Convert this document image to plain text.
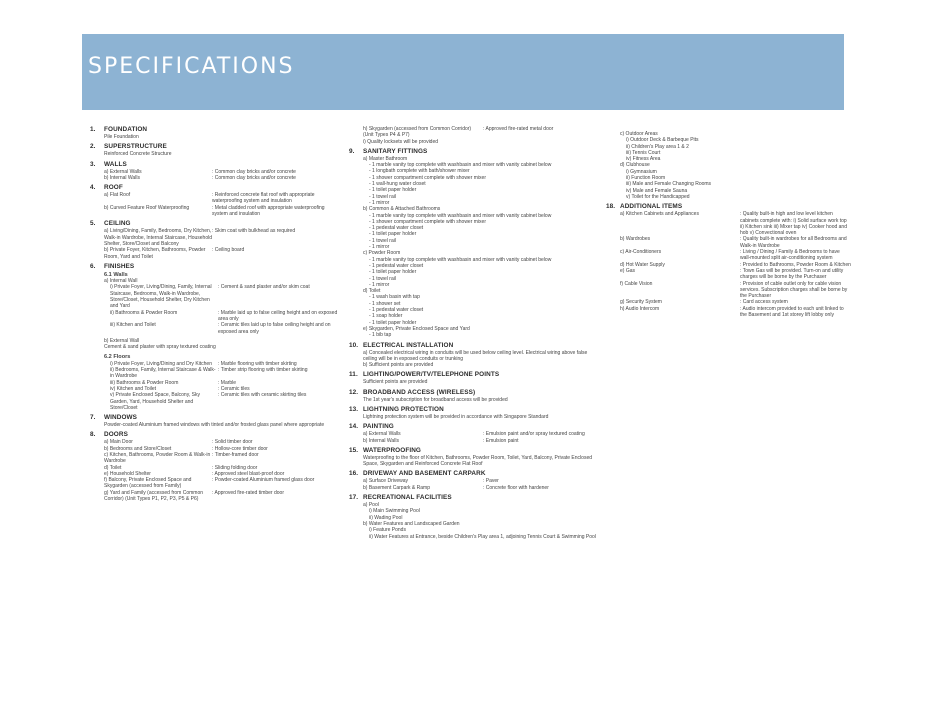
SPECIFICATIONS
1. FOUNDATION
Pile Foundation
2. SUPERSTRUCTURE
Reinforced Concrete Structure
3. WALLS
a) External Walls	: Common clay bricks and/or concrete
b) Internal Walls	: Common clay bricks and/or concrete
4. ROOF
a) Flat Roof	: Reinforced concrete flat roof with appropriate waterproofing system and insulation
b) Curved Feature Roof Waterproofing	: Metal cladded roof with appropriate waterproofing system and insulation
5. CEILING
a) Living/Dining, Family, Bedrooms, Dry Kitchen, Walk-in Wardrobe, Internal Staircase, Household Shelter, Store/Closet and Balcony
: Skim coat with bulkhead as required
b) Private Foyer, Kitchen, Bathrooms, Powder Room, Yard and Toilet
: Ceiling board
6. FINISHES
6.1 Walls
a) Internal Wall
i) Private Foyer, Living/Dining, Family, Internal Staircase, Bedrooms, Walk-in Wardrobe, Store/Closet, Household Shelter, Dry Kitchen and Yard
: Cement & sand plaster and/or skim coat
ii) Bathrooms & Powder Room	: Marble laid up to false ceiling height and on exposed area only
iii) Kitchen and Toilet	: Ceramic tiles laid up to false ceiling height and on exposed area only
b) External Wall
Cement & sand plaster with spray textured coating
6.2 Floors
i) Private Foyer, Living/Dining and Dry Kitchen	: Marble flooring with timber skirting
ii) Bedrooms, Family, Internal Staircase & Walk-in Wardrobe
: Timber strip flooring with timber skirting
iii) Bathrooms & Powder Room	: Marble
iv) Kitchen and Toilet	: Ceramic tiles
v) Private Enclosed Space, Balcony, Sky Garden, Yard, Household Shelter and Store/Closet
: Ceramic tiles with ceramic skirting tiles
7. WINDOWS
Powder-coated Aluminium framed windows with tinted and/or frosted glass panel where appropriate
8. DOORS
a) Main Door	: Solid timber door
b) Bedrooms and Store/Closet	: Hollow-core timber door
c) Kitchen, Bathrooms, Powder Room & Walk-in Wardrobe
: Timber-framed door
d) Toilet	: Sliding folding door
e) Household Shelter	: Approved steel blast-proof door
f) Balcony, Private Enclosed Space and Skygarden (accessed from Family)
: Powder-coated Aluminium framed glass door
g) Yard and Family (accessed from Common Corridor) (Unit Types P1, P2, P3, P5 & P6)
: Approved fire-rated timber door
h) Skygarden (accessed from Common Corridor) (Unit Types P4 & P7)
: Approved fire-rated metal door
i) Quality locksets will be provided
9. SANITARY FITTINGS
a) Master Bathroom
- 1 marble vanity top complete with washbasin and mixer with vanity cabinet below
- 1 longbath complete with bath/shower mixer
- 1 shower compartment complete with shower mixer
- 1 wall-hung water closet
- 1 toilet paper holder
- 1 towel rail
- 1 mirror
b) Common & Attached Bathrooms
- 1 marble vanity top complete with washbasin and mixer with vanity cabinet below
- 1 shower compartment complete with shower mixer
- 1 pedestal water closet
- 1 toilet paper holder
- 1 towel rail
- 1 mirror
c) Powder Room
- 1 marble vanity top complete with washbasin and mixer with vanity cabinet below
- 1 pedestal water closet
- 1 toilet paper holder
- 1 towel rail
- 1 mirror
d) Toilet
- 1 wash basin with tap
- 1 shower set
- 1 pedestal water closet
- 1 soap holder
- 1 toilet paper holder
e) Skygarden, Private Enclosed Space and Yard
- 1 bib tap
10. ELECTRICAL INSTALLATION
a) Concealed electrical wiring in conduits will be used below ceiling level. Electrical wiring above false ceiling will be in exposed conduits or trunking
b) Sufficient points are provided
11. LIGHTING/POWER/TV/TELEPHONE POINTS
Sufficient points are provided
12. BROADBAND ACCESS (WIRELESS)
The 1st year's subscription for broadband access will be provided
13. LIGHTNING PROTECTION
Lightning protection system will be provided in accordance with Singapore Standard
14. PAINTING
a) External Walls	: Emulsion paint and/or spray textured coating
b) Internal Walls	: Emulsion paint
15. WATERPROOFING
Waterproofing to the floor of Kitchen, Bathrooms, Powder Room, Toilet, Yard, Balcony, Private Enclosed Space, Skygarden and Reinforced Concrete Flat Roof
16. DRIVEWAY AND BASEMENT CARPARK
a) Surface Driveway	: Paver
b) Basement Carpark & Ramp	: Concrete floor with hardener
17. RECREATIONAL FACILITIES
a) Pool
i) Main Swimming Pool
ii) Wading Pool
b) Water Features and Landscaped Garden
i) Feature Ponds
ii) Water Features at Entrance, beside Children's Play area 1, adjoining Tennis Court & Swimming Pool
c) Outdoor Areas
i) Outdoor Deck & Barbeque Pits
ii) Children's Play area 1 & 2
iii) Tennis Court
iv) Fitness Area
d) Clubhouse
i) Gymnasium
ii) Function Room
iii) Male and Female Changing Rooms
iv) Male and Female Sauna
v) Toilet for the Handicapped
18. ADDITIONAL ITEMS
a) Kitchen Cabinets and Appliances	: Quality built-in high and low level kitchen cabinets complete with: i) Solid surface work top ii) Kitchen sink iii) Mixer tap iv) Cooker hood and hob v) Convectional oven
b) Wardrobes	: Quality built-in wardrobes for all Bedrooms and Walk-in Wardrobe
c) Air-Conditioners	: Living / Dining / Family & Bedrooms to have wall-mounted split air-conditioning system
d) Hot Water Supply	: Provided to Bathrooms, Powder Room & Kitchen
e) Gas	: Town Gas will be provided. Turn-on and utility charges will be borne by the Purchaser
f) Cable Vision	: Provision of cable outlet only for cable vision services. Subscription charges shall be borne by the Purchaser
g) Security System	: Card access system
h) Audio Intercom	: Audio intercom provided to each unit linked to the Basement and 1st storey lift lobby only
